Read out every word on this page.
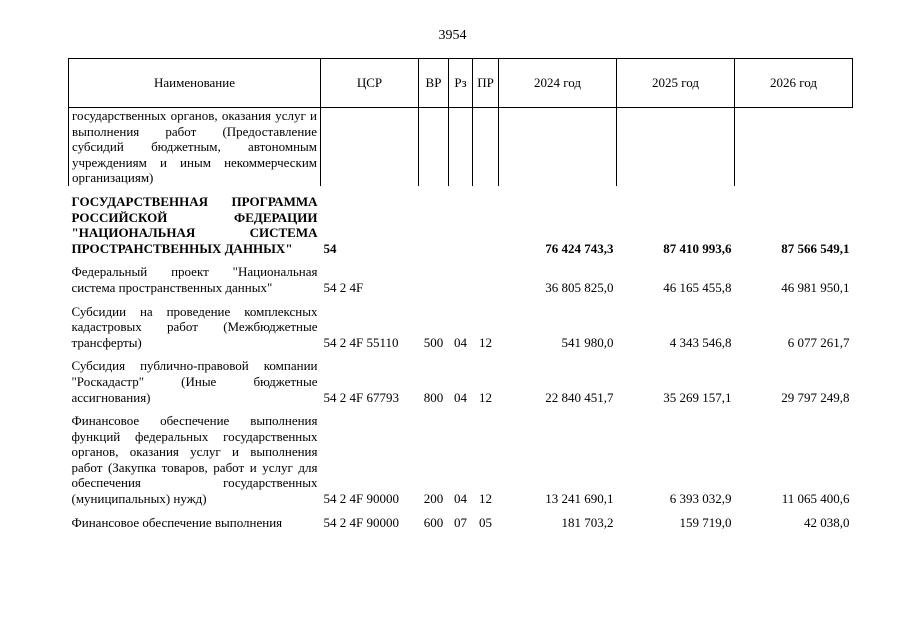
3954
Наименование	ЦСР	ВР	Рз	ПР	2024 год	2025 год	2026 год
государственных органов, оказания услуг и выполнения работ (Предоставление субсидий бюджетным, автономным учреждениям и иным некоммерческим организациям)							

ГОСУДАРСТВЕННАЯ ПРОГРАММА РОССИЙСКОЙ ФЕДЕРАЦИИ "НАЦИОНАЛЬНАЯ СИСТЕМА ПРОСТРАНСТВЕННЫХ ДАННЫХ"	54				76 424 743,3	87 410 993,6	87 566 549,1

Федеральный проект "Национальная система пространственных данных"	54 2 4F				36 805 825,0	46 165 455,8	46 981 950,1

Субсидии на проведение комплексных кадастровых работ (Межбюджетные трансферты)	54 2 4F 55110	500	04	12	541 980,0	4 343 546,8	6 077 261,7

Субсидия публично-правовой компании "Роскадастр" (Иные бюджетные ассигнования)	54 2 4F 67793	800	04	12	22 840 451,7	35 269 157,1	29 797 249,8

Финансовое обеспечение выполнения функций федеральных государственных органов, оказания услуг и выполнения работ (Закупка товаров, работ и услуг для обеспечения государственных (муниципальных) нужд)	54 2 4F 90000	200	04	12	13 241 690,1	6 393 032,9	11 065 400,6

Финансовое обеспечение выполнения	54 2 4F 90000	600	07	05	181 703,2	159 719,0	42 038,0
